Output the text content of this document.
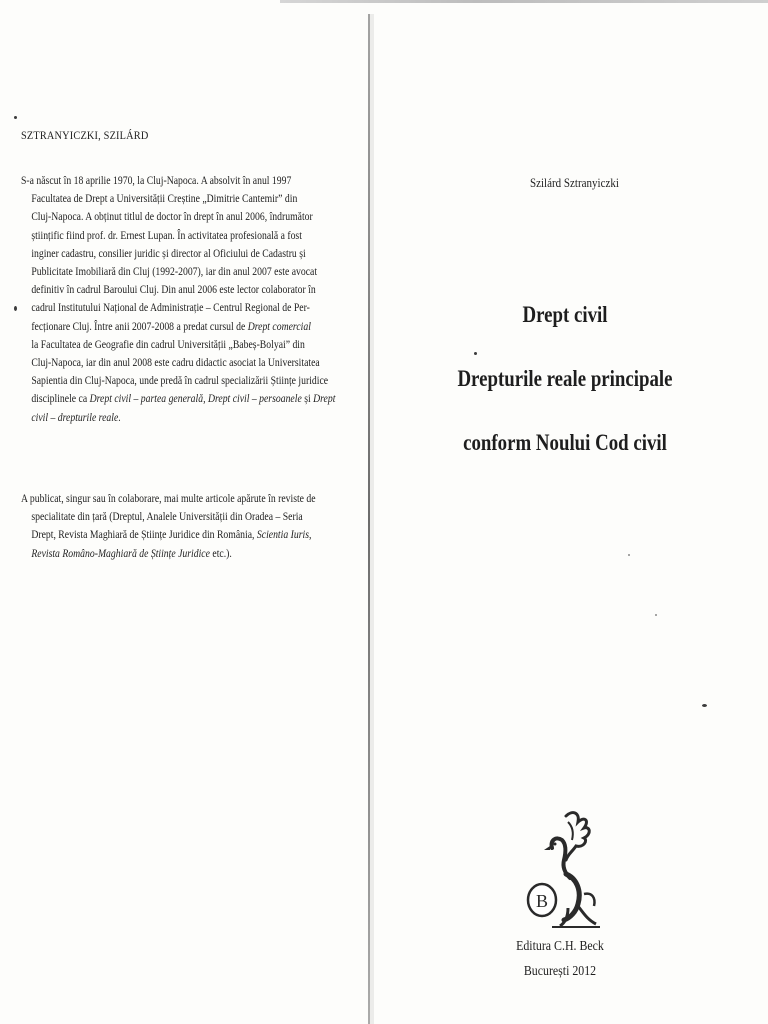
SZTRANYICZKI, SZILÁRD
S-a născut în 18 aprilie 1970, la Cluj-Napoca. A absolvit în anul 1997
Facultatea de Drept a Universității Creștine „Dimitrie Cantemir” din
Cluj-Napoca. A obținut titlul de doctor în drept în anul 2006, îndrumător
științific fiind prof. dr. Ernest Lupan. În activitatea profesională a fost
inginer cadastru, consilier juridic și director al Oficiului de Cadastru și
Publicitate Imobiliară din Cluj (1992-2007), iar din anul 2007 este avocat
definitiv în cadrul Baroului Cluj. Din anul 2006 este lector colaborator în
cadrul Institutului Național de Administrație – Centrul Regional de Per-
fecționare Cluj. Între anii 2007-2008 a predat cursul de Drept comercial
la Facultatea de Geografie din cadrul Universității „Babeș-Bolyai” din
Cluj-Napoca, iar din anul 2008 este cadru didactic asociat la Universitatea
Sapientia din Cluj-Napoca, unde predă în cadrul specializării Științe juridice
disciplinele ca Drept civil – partea generală, Drept civil – persoanele și Drept
civil – drepturile reale.
A publicat, singur sau în colaborare, mai multe articole apărute în reviste de
specialitate din țară (Dreptul, Analele Universității din Oradea – Seria
Drept, Revista Maghiară de Științe Juridice din România, Scientia Iuris,
Revista Româno-Maghiară de Științe Juridice etc.).
Szilárd Sztranyiczki
Drept civil
Drepturile reale principale
conform Noului Cod civil
B
Editura C.H. Beck
București 2012
